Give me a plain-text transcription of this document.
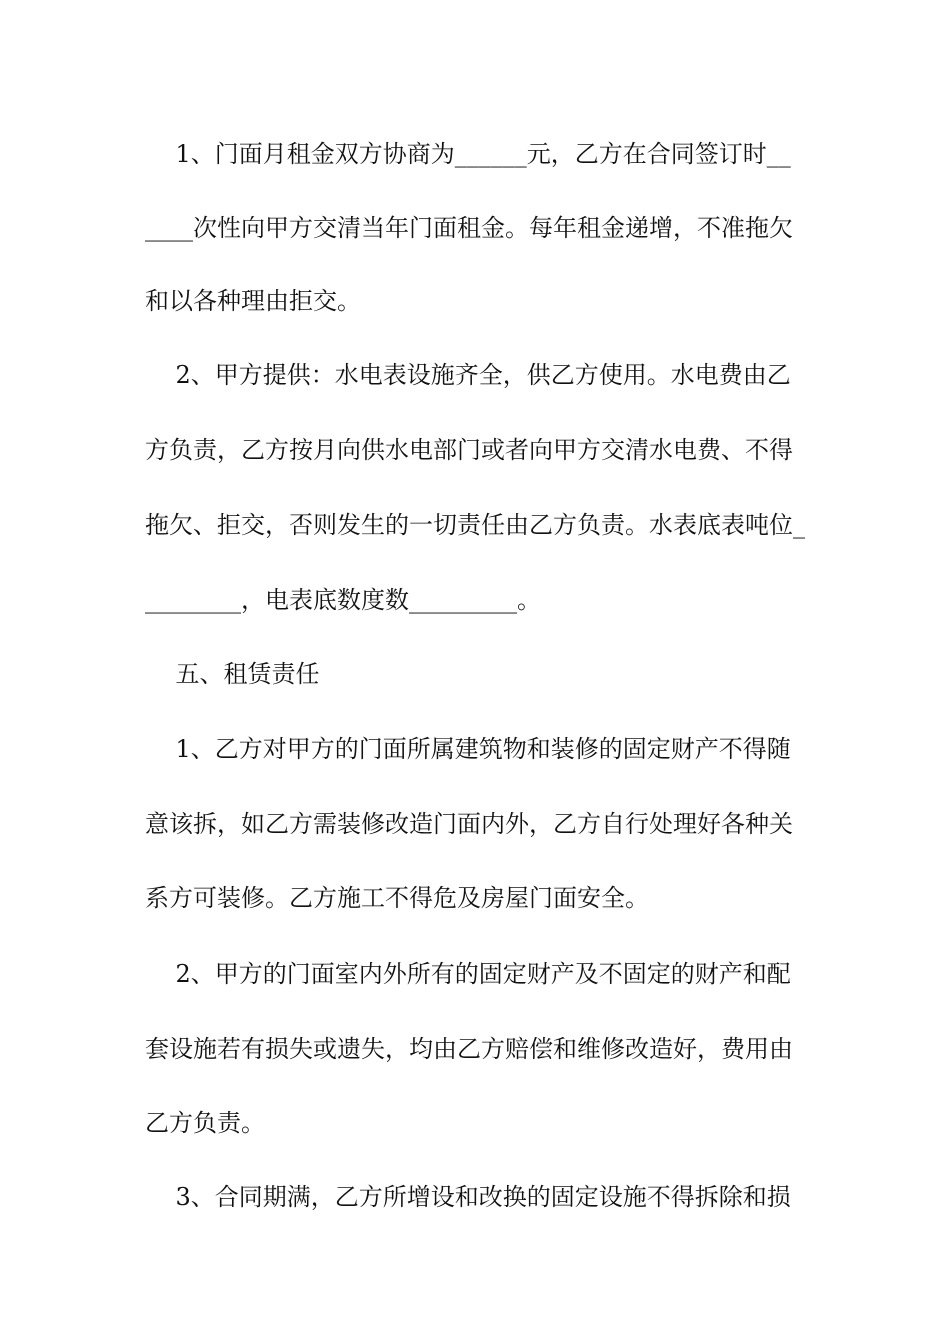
1、门面月租金双方协商为______元，乙方在合同签订时__
____次性向甲方交清当年门面租金。每年租金递增，不准拖欠
和以各种理由拒交。
2、甲方提供：水电表设施齐全，供乙方使用。水电费由乙
方负责，乙方按月向供水电部门或者向甲方交清水电费、不得
拖欠、拒交，否则发生的一切责任由乙方负责。水表底表吨位_
________，电表底数度数_________。
五、租赁责任
1、乙方对甲方的门面所属建筑物和装修的固定财产不得随
意该拆，如乙方需装修改造门面内外，乙方自行处理好各种关
系方可装修。乙方施工不得危及房屋门面安全。
2、甲方的门面室内外所有的固定财产及不固定的财产和配
套设施若有损失或遗失，均由乙方赔偿和维修改造好，费用由
乙方负责。
3、合同期满，乙方所增设和改换的固定设施不得拆除和损
